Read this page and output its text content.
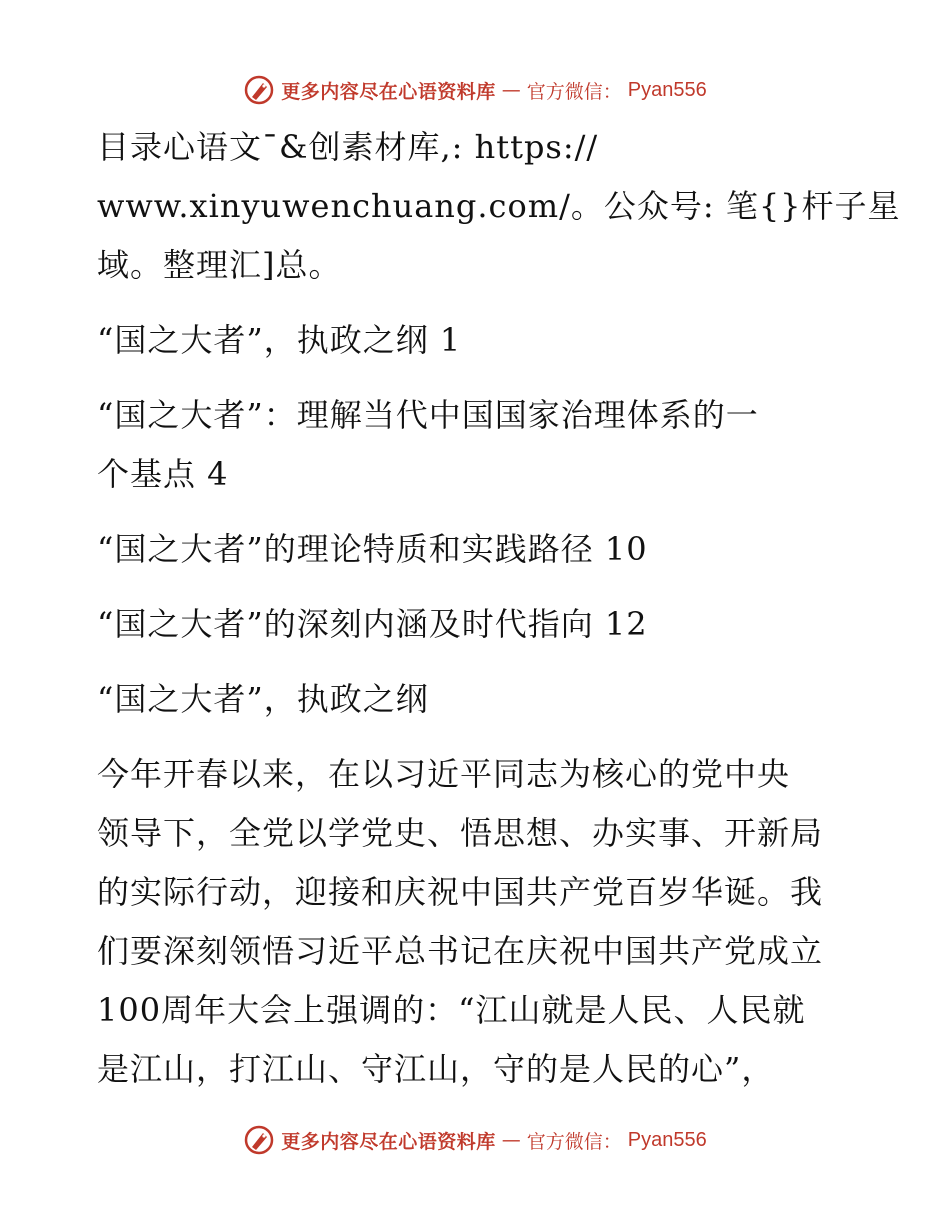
更多内容尽在心语资料库 — 官方微信： Pyan556
目录心语文¯&创素材库,: https://
www.xinyuwenchuang.com/。公众号: 笔{}杆子星
域。整理汇]总。
“国之大者”，执政之纲 1
“国之大者”：理解当代中国国家治理体系的一
个基点 4
“国之大者”的理论特质和实践路径 10
“国之大者”的深刻内涵及时代指向 12
“国之大者”，执政之纲
今年开春以来，在以习近平同志为核心的党中央
领导下，全党以学党史、悟思想、办实事、开新局
的实际行动，迎接和庆祝中国共产党百岁华诞。我
们要深刻领悟习近平总书记在庆祝中国共产党成立
100周年大会上强调的：“江山就是人民、人民就
是江山，打江山、守江山，守的是人民的心”，
更多内容尽在心语资料库 — 官方微信： Pyan556
